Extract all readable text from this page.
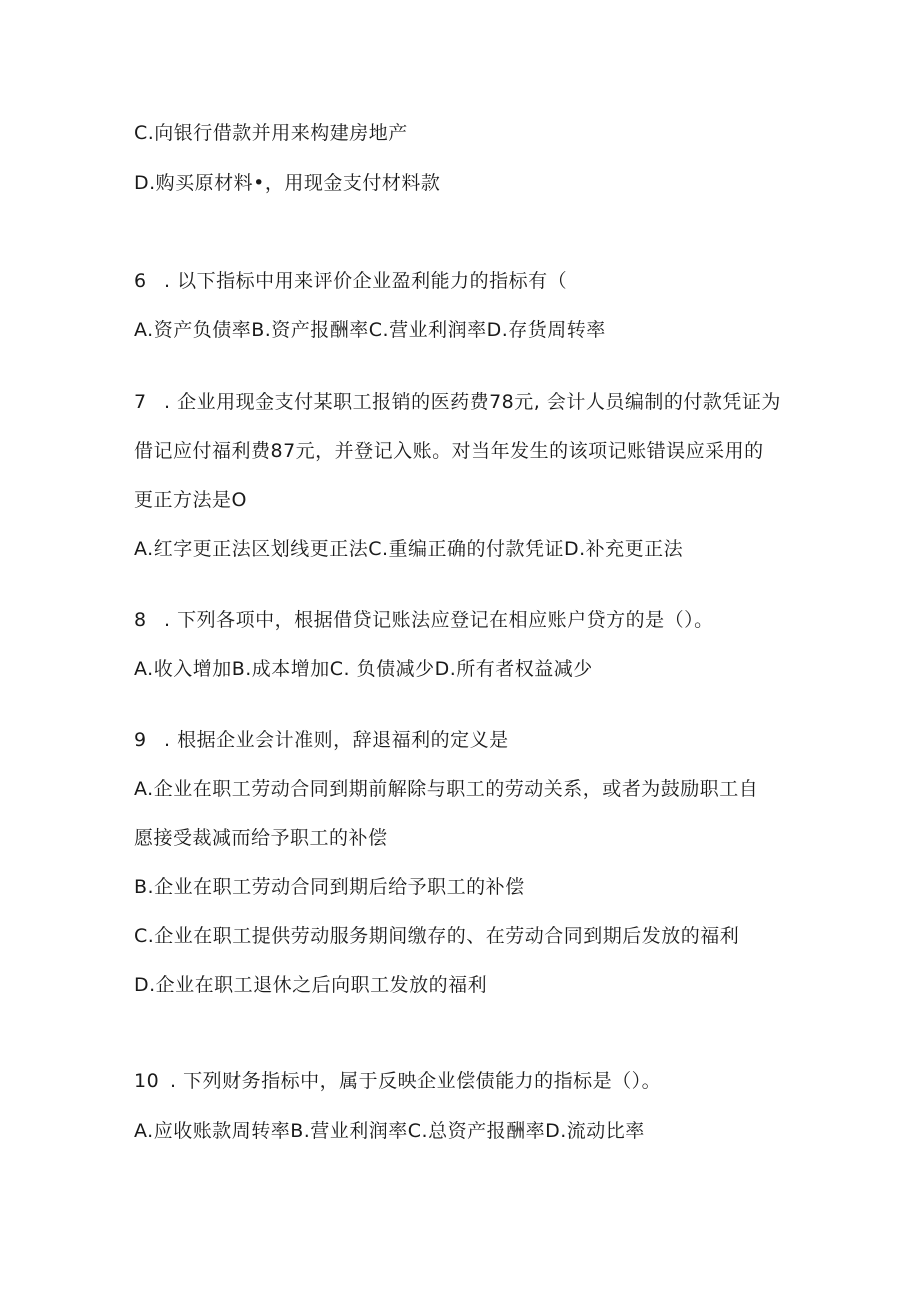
C.向银行借款并用来构建房地产
D.购买原材料•，用现金支付材料款
6 . 以下指标中用来评价企业盈利能力的指标有（
A.资产负债率B.资产报酬率C.营业利润率D.存货周转率
7 . 企业用现金支付某职工报销的医药费78元, 会计人员编制的付款凭证为
借记应付福利费87元，并登记入账。对当年发生的该项记账错误应采用的
更正方法是O
A.红字更正法区划线更正法C.重编正确的付款凭证D.补充更正法
8 . 下列各项中，根据借贷记账法应登记在相应账户贷方的是（）。
A.收入增加B.成本增加C. 负债减少D.所有者权益减少
9 . 根据企业会计准则，辞退福利的定义是
A.企业在职工劳动合同到期前解除与职工的劳动关系，或者为鼓励职工自
愿接受裁减而给予职工的补偿
B.企业在职工劳动合同到期后给予职工的补偿
C.企业在职工提供劳动服务期间缴存的、在劳动合同到期后发放的福利
D.企业在职工退休之后向职工发放的福利
10 . 下列财务指标中，属于反映企业偿债能力的指标是（）。
A.应收账款周转率B.营业利润率C.总资产报酬率D.流动比率
